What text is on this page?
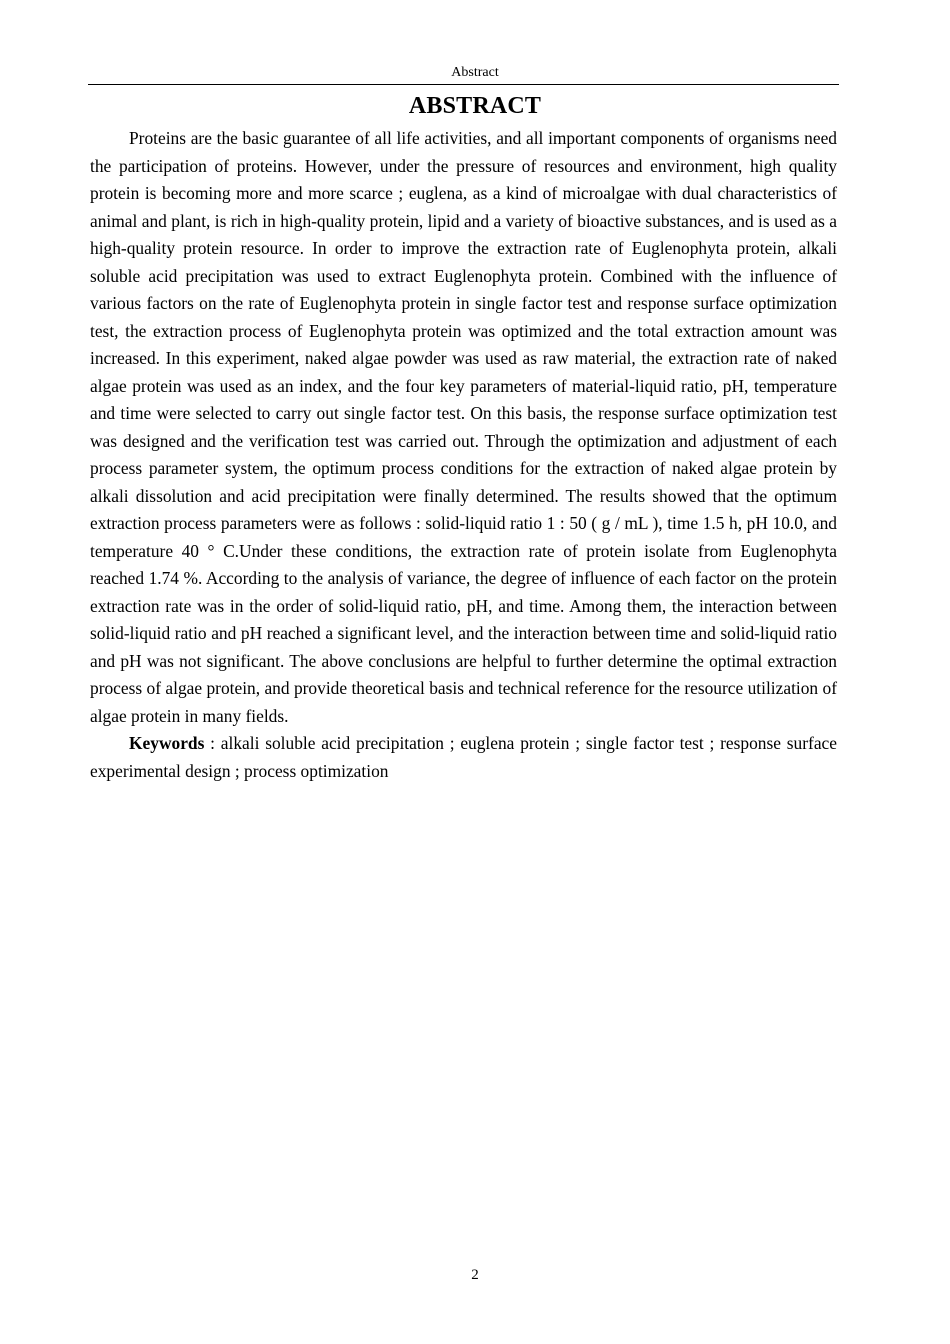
Abstract
ABSTRACT

Proteins are the basic guarantee of all life activities, and all important components of organisms need the participation of proteins. However, under the pressure of resources and environment, high quality protein is becoming more and more scarce ; euglena, as a kind of microalgae with dual characteristics of animal and plant, is rich in high-quality protein, lipid and a variety of bioactive substances, and is used as a high-quality protein resource. In order to improve the extraction rate of Euglenophyta protein, alkali soluble acid precipitation was used to extract Euglenophyta protein. Combined with the influence of various factors on the rate of Euglenophyta protein in single factor test and response surface optimization test, the extraction process of Euglenophyta protein was optimized and the total extraction amount was increased. In this experiment, naked algae powder was used as raw material, the extraction rate of naked algae protein was used as an index, and the four key parameters of material-liquid ratio, pH, temperature and time were selected to carry out single factor test. On this basis, the response surface optimization test was designed and the verification test was carried out. Through the optimization and adjustment of each process parameter system, the optimum process conditions for the extraction of naked algae protein by alkali dissolution and acid precipitation were finally determined. The results showed that the optimum extraction process parameters were as follows : solid-liquid ratio 1 : 50 ( g / mL ), time 1.5 h, pH 10.0, and temperature 40 ° C.Under these conditions, the extraction rate of protein isolate from Euglenophyta reached 1.74 %. According to the analysis of variance, the degree of influence of each factor on the protein extraction rate was in the order of solid-liquid ratio, pH, and time. Among them, the interaction between solid-liquid ratio and pH reached a significant level, and the interaction between time and solid-liquid ratio and pH was not significant. The above conclusions are helpful to further determine the optimal extraction process of algae protein, and provide theoretical basis and technical reference for the resource utilization of algae protein in many fields.

Keywords : alkali soluble acid precipitation ; euglena protein ; single factor test ; response surface experimental design ; process optimization

2
